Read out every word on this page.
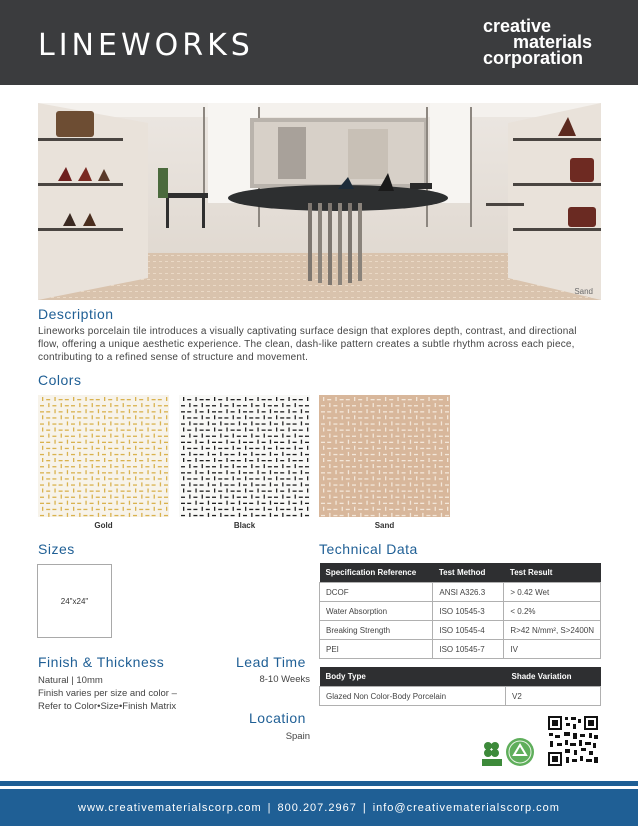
LINEWORKS
creative
materials
corporation
Sand
Description
Lineworks porcelain tile introduces a visually captivating surface design that explores depth, contrast, and directional flow, offering a unique aesthetic experience. The clean, dash-like pattern creates a subtle rhythm across each piece, contributing to a refined sense of structure and movement.
Colors
Gold	Black	Sand
Sizes
24"x24"
Finish & Thickness
Natural | 10mm
Finish varies per size and color –
Refer to Color•Size•Finish Matrix
Lead Time
8-10 Weeks
Location
Spain
Technical Data
Specification Reference	Test Method	Test Result
DCOF	ANSI A326.3	> 0.42 Wet
Water Absorption	ISO 10545-3	< 0.2%
Breaking Strength	ISO 10545-4	R>42 N/mm², S>2400N
PEI	ISO 10545-7	IV
Body Type	Shade Variation
Glazed Non Color-Body Porcelain	V2
www.creativematerialscorp.com | 800.207.2967 | info@creativematerialscorp.com
